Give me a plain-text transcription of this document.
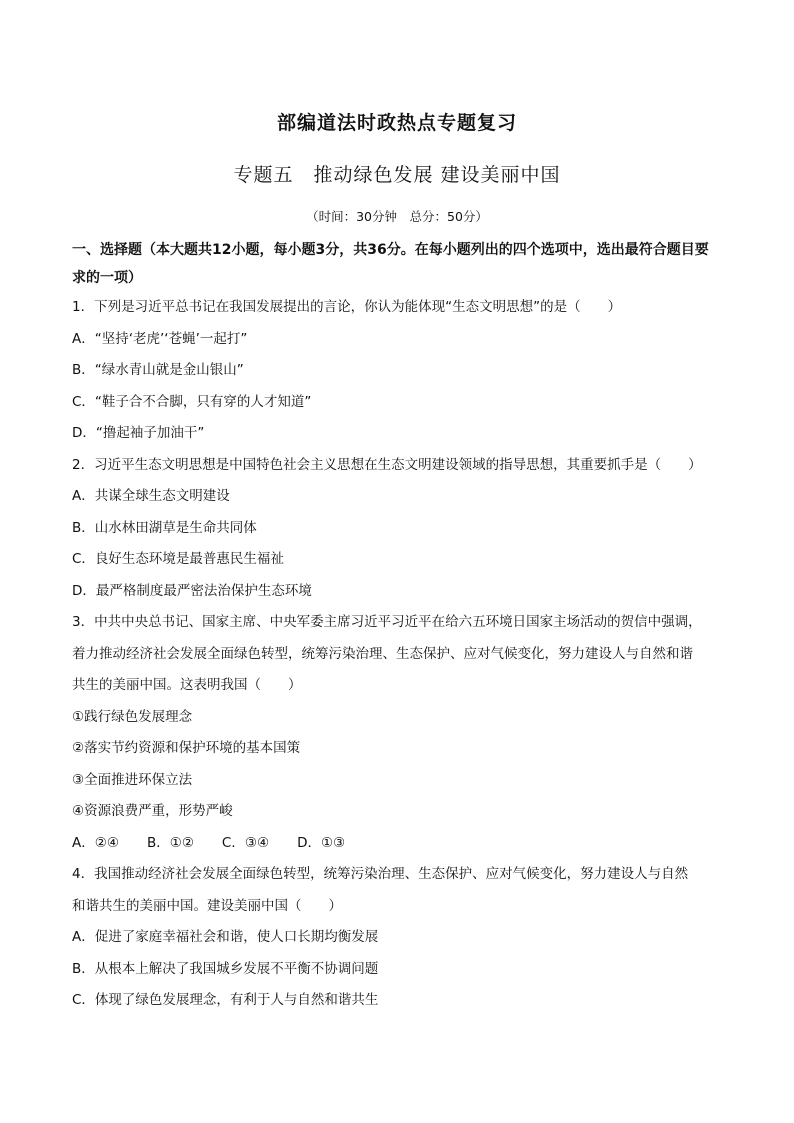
部编道法时政热点专题复习
专题五　推动绿色发展 建设美丽中国
（时间：30分钟　总分：50分）

一、选择题（本大题共12小题，每小题3分，共36分。在每小题列出的四个选项中，选出最符合题目要

求的一项）

1．下列是习近平总书记在我国发展提出的言论，你认为能体现“生态文明思想”的是（　　）

A．“坚持‘老虎’‘苍蝇’一起打”

B．“绿水青山就是金山银山”

C．“鞋子合不合脚，只有穿的人才知道”

D．“撸起袖子加油干”

2．习近平生态文明思想是中国特色社会主义思想在生态文明建设领域的指导思想，其重要抓手是（　　）

A．共谋全球生态文明建设

B．山水林田湖草是生命共同体

C．良好生态环境是最普惠民生福祉

D．最严格制度最严密法治保护生态环境

3．中共中央总书记、国家主席、中央军委主席习近平习近平在给六五环境日国家主场活动的贺信中强调，

着力推动经济社会发展全面绿色转型，统筹污染治理、生态保护、应对气候变化，努力建设人与自然和谐

共生的美丽中国。这表明我国（　　）

①践行绿色发展理念

②落实节约资源和保护环境的基本国策

③全面推进环保立法

④资源浪费严重，形势严峻

A．②④ B．①② C．③④ D．①③

4．我国推动经济社会发展全面绿色转型，统筹污染治理、生态保护、应对气候变化，努力建设人与自然

和谐共生的美丽中国。建设美丽中国（　　）

A．促进了家庭幸福社会和谐，使人口长期均衡发展

B．从根本上解决了我国城乡发展不平衡不协调问题

C．体现了绿色发展理念，有利于人与自然和谐共生
